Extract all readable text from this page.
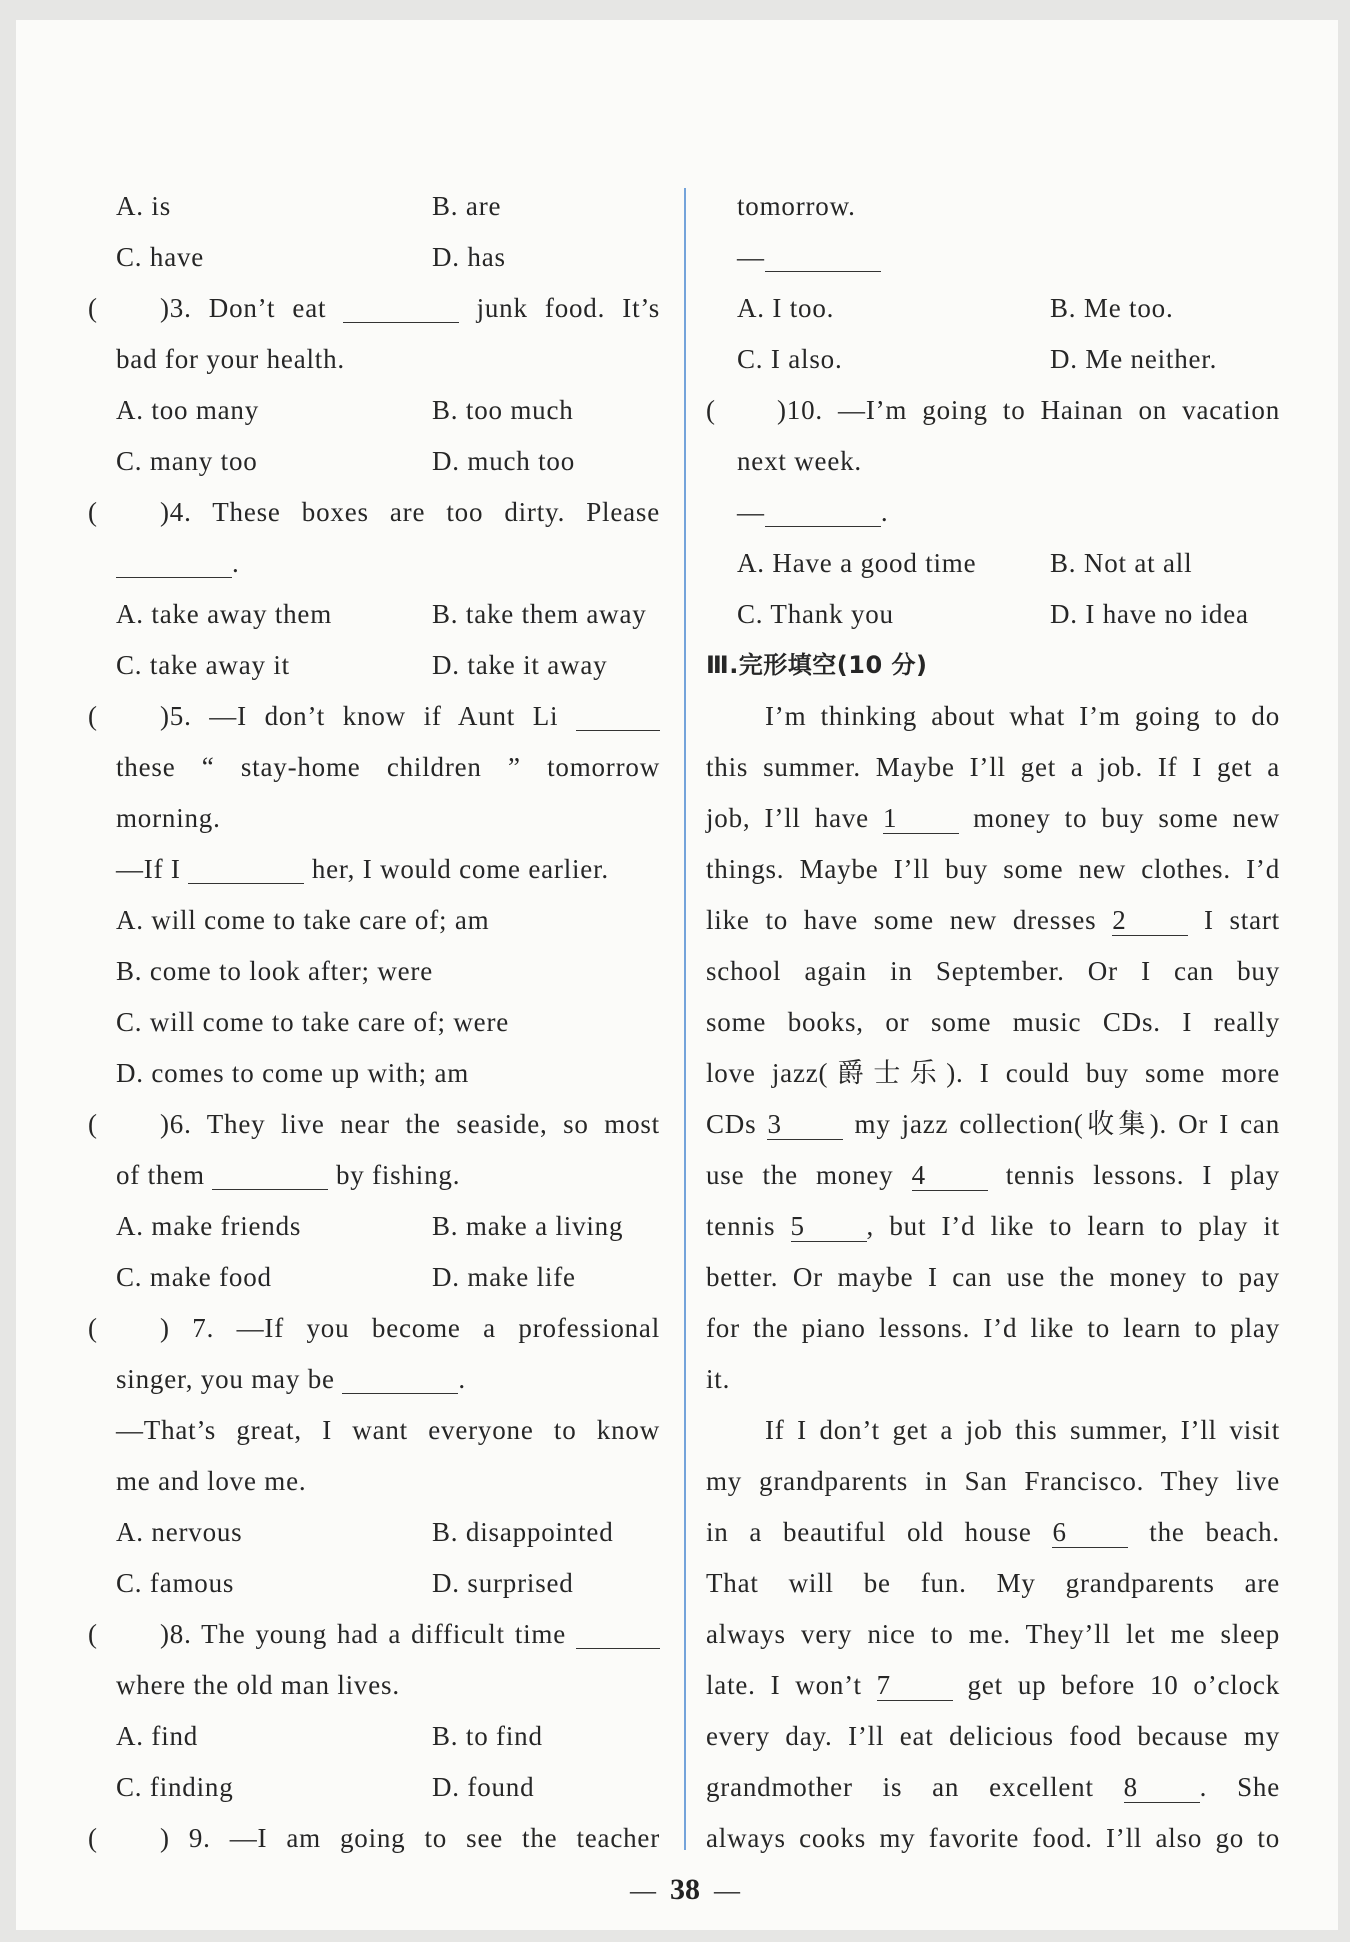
A. is	B. are
C. have	D. has
( )3. Don’t eat	junk food. It’s
bad for your health.
A. too many	B. too much
C. many too	D. much too
( )4. These boxes are too dirty. Please
.
A. take away them	B. take them away
C. take away it	D. take it away
( )5. —I don’t know if Aunt Li
these “ stay-home children ” tomorrow
morning.
—If I	her, I would come earlier.
A. will come to take care of; am
B. come to look after; were
C. will come to take care of; were
D. comes to come up with; am
( )6. They live near the seaside, so most
of them	by fishing.
A. make friends	B. make a living
C. make food	D. make life
( ) 7. —If you become a professional
singer, you may be	.
—That’s great, I want everyone to know
me and love me.
A. nervous	B. disappointed
C. famous	D. surprised
( )8. The young had a difficult time
where the old man lives.
A. find	B. to find
C. finding	D. found
( ) 9. —I am going to see the teacher
tomorrow.
—
A. I too.	B. Me too.
C. I also.	D. Me neither.
( )10. —I’m going to Hainan on vacation
next week.
—	.
A. Have a good time	B. Not at all
C. Thank you	D. I have no idea
Ⅲ.完形填空(10 分)
I’m thinking about what I’m going to do
this summer. Maybe I’ll get a job. If I get a
job, I’ll have 1 money to buy some new
things. Maybe I’ll buy some new clothes. I’d
like to have some new dresses 2 I start
school again in September. Or I can buy
some books, or some music CDs. I really
love jazz(爵士乐). I could buy some more
CDs 3 my jazz collection(收集). Or I can
use the money 4 tennis lessons. I play
tennis 5 , but I’d like to learn to play it
better. Or maybe I can use the money to pay
for the piano lessons. I’d like to learn to play
it.
If I don’t get a job this summer, I’ll visit
my grandparents in San Francisco. They live
in a beautiful old house 6 the beach.
That will be fun. My grandparents are
always very nice to me. They’ll let me sleep
late. I won’t 7 get up before 10 o’clock
every day. I’ll eat delicious food because my
grandmother is an excellent 8 . She
always cooks my favorite food. I’ll also go to
— 38 —
